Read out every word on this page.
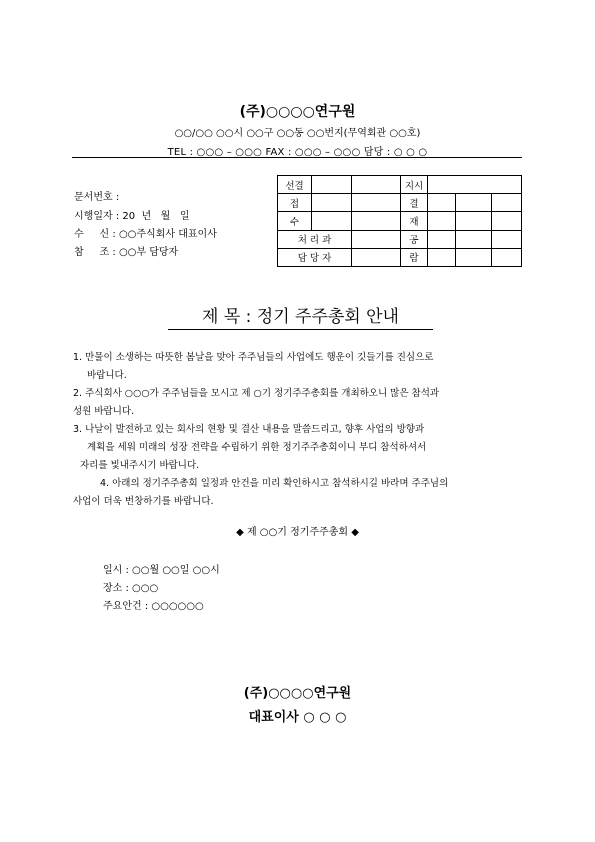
(주)○○○○연구원
○○/○○ ○○시 ○○구 ○○동 ○○번지(무역회관 ○○호)
TEL : ○○○ – ○○○ FAX : ○○○ – ○○○ 담당 : ○ ○ ○
문서번호 :
시행일자 : 20  년   월   일
수     신 : ○○주식회사 대표이사
참     조 : ○○부 담당자
선결			지시			
접			결			
수			재			
처 리 과			공			
담 당 자			람			
제 목 : 정기 주주총회 안내
1. 만물이 소생하는 따뜻한 봄날을 맞아 주주님들의 사업에도 행운이 깃들기를 진심으로
바랍니다.
2. 주식회사 ○○○가 주주님들을 모시고 제 ○기 정기주주총회를 개최하오니 많은 참석과
성원 바랍니다.
3. 나날이 발전하고 있는 회사의 현황 및 결산 내용을 말씀드리고, 향후 사업의 방향과
계획을 세워 미래의 성장 전략을 수립하기 위한 정기주주총회이니 부디 참석하셔서
자리를 빛내주시기 바랍니다.
4. 아래의 정기주주총회 일정과 안건을 미리 확인하시고 참석하시길 바라며 주주님의
사업이 더욱 번창하기를 바랍니다.
◆ 제 ○○기 정기주주총회 ◆
일시 : ○○월 ○○일 ○○시
장소 : ○○○
주요안건 : ○○○○○○
(주)○○○○연구원
대표이사 ○ ○ ○
